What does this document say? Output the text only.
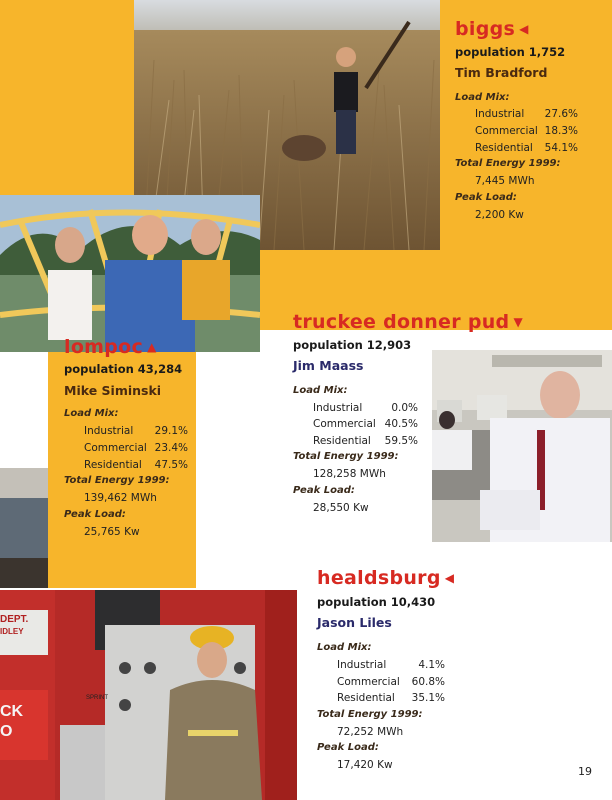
DEPT.
IDLEY
CK
O
SPRINT
biggs ◀
population 1,752
Tim Bradford
Load Mix:
Industrial 27.6%
Commercial 18.3%
Residential 54.1%
Total Energy 1999:
7,445 MWh
Peak Load:
2,200 Kw
truckee donner pud ▼
population 12,903
Jim Maass
Load Mix:
Industrial	0.0%
Commercial 40.5%
Residential 59.5%
Total Energy 1999:
128,258 MWh
Peak Load:
28,550 Kw
lompoc ▲
population 43,284
Mike Siminski
Load Mix:
Industrial 29.1%
Commercial 23.4%
Residential 47.5%
Total Energy 1999:
139,462 MWh
Peak Load:
25,765 Kw
healdsburg ◀
population 10,430
Jason Liles
Load Mix:
Industrial	4.1%
Commercial 60.8%
Residential 35.1%
Total Energy 1999:
72,252 MWh
Peak Load:
17,420 Kw	19
